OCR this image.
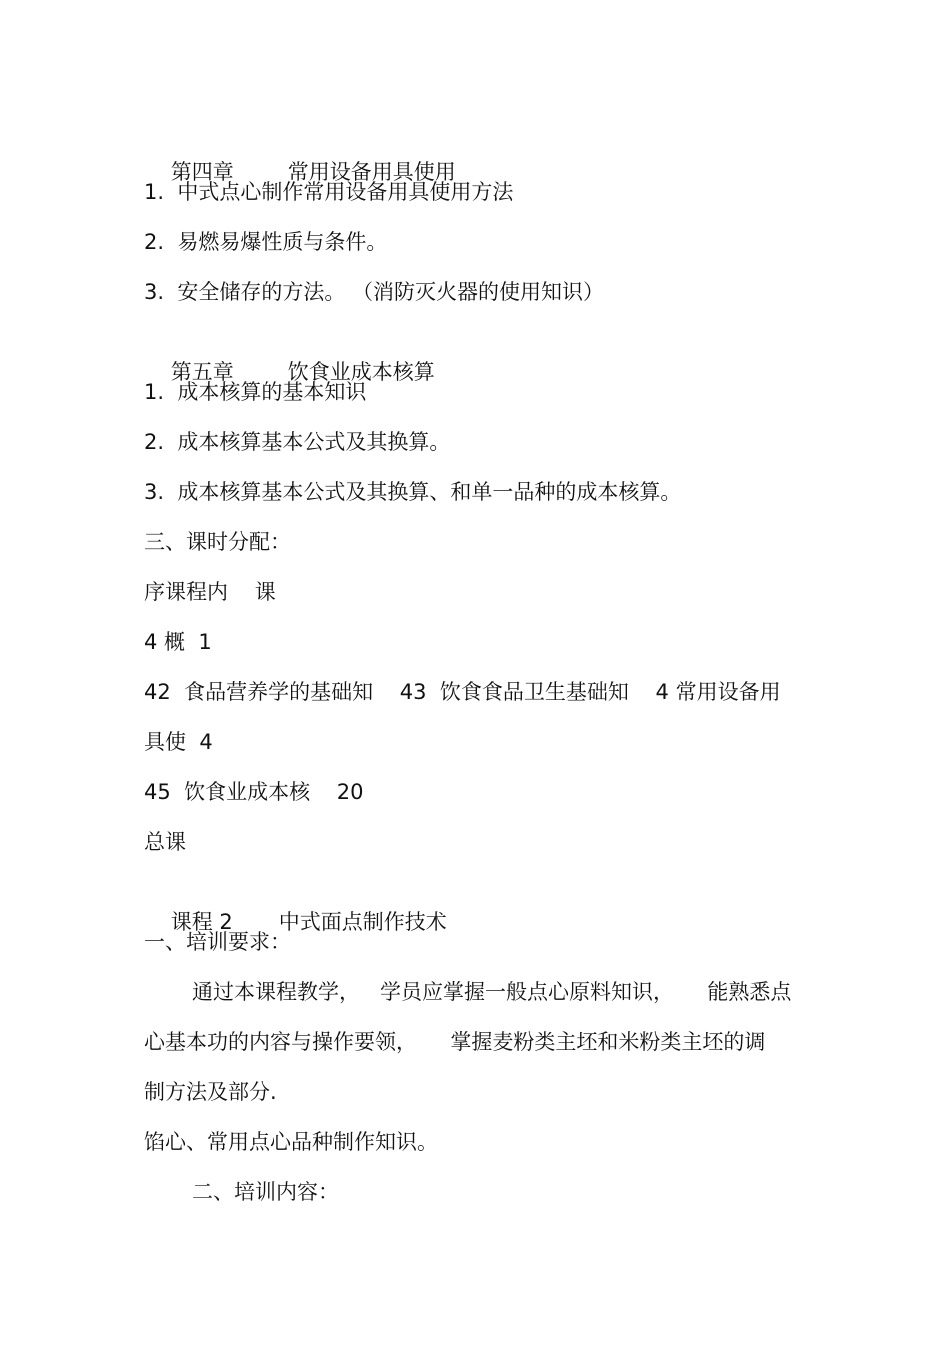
第四章	常用设备用具使用

1.  中式点心制作常用设备用具使用方法
2.  易燃易爆性质与条件。
3.  安全储存的方法。 （消防灭火器的使用知识）

第五章	饮食业成本核算

1.  成本核算的基本知识
2.  成本核算基本公式及其换算。
3.  成本核算基本公式及其换算、和单一品种的成本核算。
三、课时分配：
序课程内    课
4 概  1
42  食品营养学的基础知    43  饮食食品卫生基础知    4 常用设备用
具使  4
45  饮食业成本核    20
总课

课程 2 中式面点制作技术

一、培训要求：
通过本课程教学，   学员应掌握一般点心原料知识，     能熟悉点
心基本功的内容与操作要领，     掌握麦粉类主坯和米粉类主坯的调
制方法及部分.
馅心、常用点心品种制作知识。
二、培训内容：
